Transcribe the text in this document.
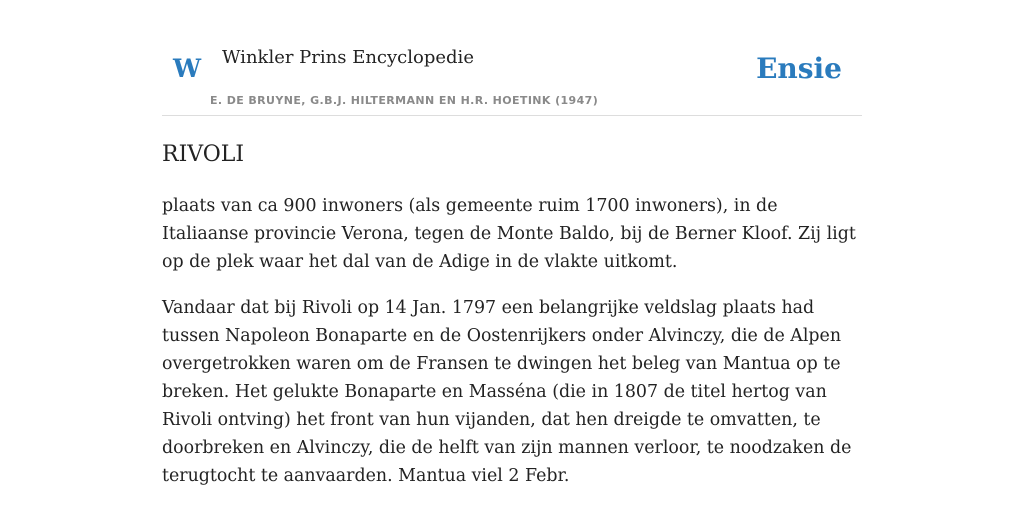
W Winkler Prins Encyclopedie
E. DE BRUYNE, G.B.J. HILTERMANN EN H.R. HOETINK (1947)
Ensie
RIVOLI

plaats van ca 900 inwoners (als gemeente ruim 1700 inwoners), in de Italiaanse provincie Verona, tegen de Monte Baldo, bij de Berner Kloof. Zij ligt op de plek waar het dal van de Adige in de vlakte uitkomt.

Vandaar dat bij Rivoli op 14 Jan. 1797 een belangrijke veldslag plaats had tussen Napoleon Bonaparte en de Oostenrijkers onder Alvinczy, die de Alpen overgetrokken waren om de Fransen te dwingen het beleg van Mantua op te breken. Het gelukte Bonaparte en Masséna (die in 1807 de titel hertog van Rivoli ontving) het front van hun vijanden, dat hen dreigde te omvatten, te doorbreken en Alvinczy, die de helft van zijn mannen verloor, te noodzaken de terugtocht te aanvaarden. Mantua viel 2 Febr.
